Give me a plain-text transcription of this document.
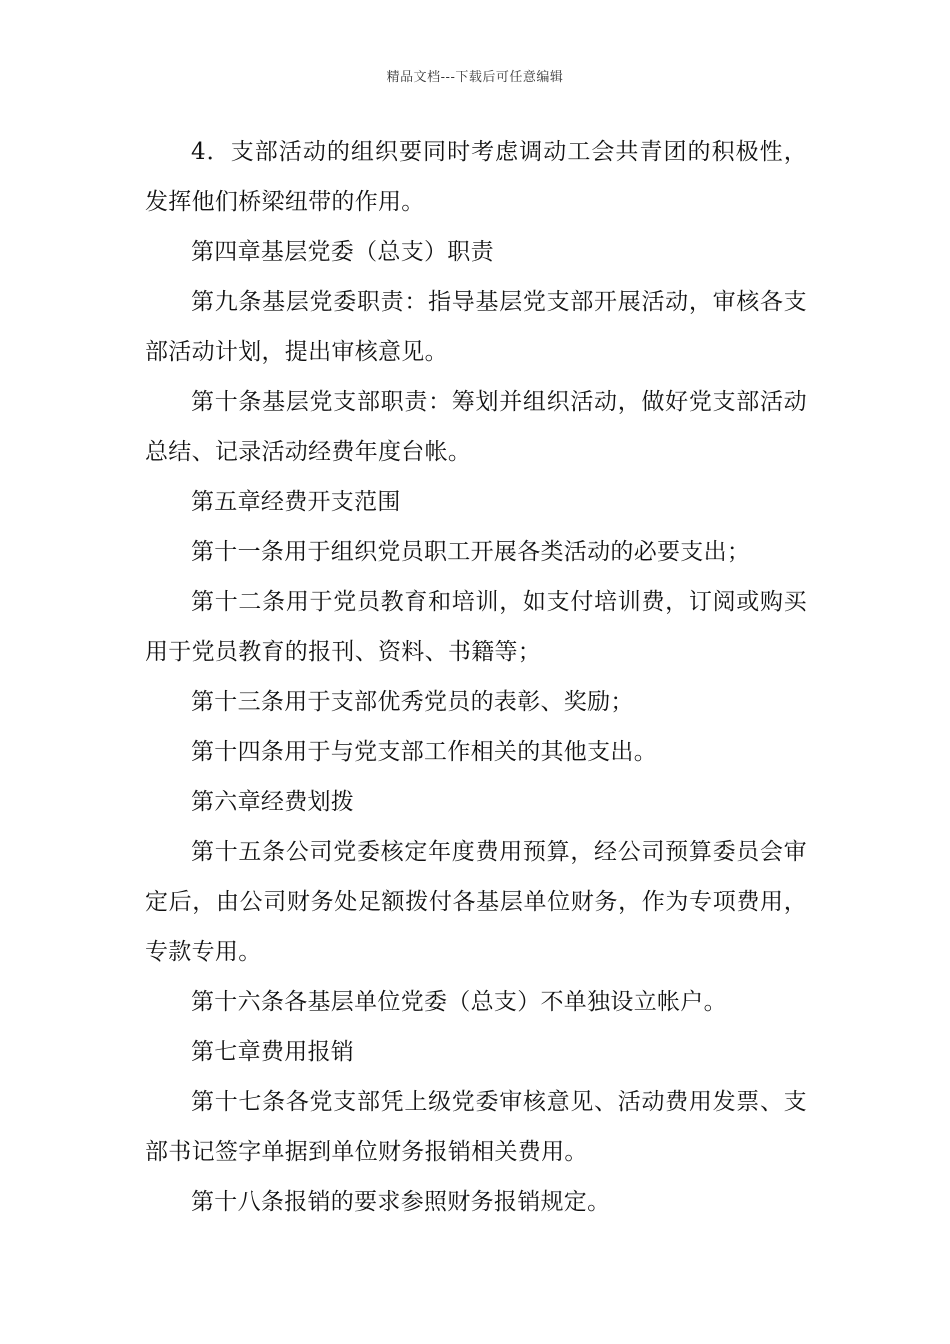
精品文档---下载后可任意编辑

4．支部活动的组织要同时考虑调动工会共青团的积极性，发挥他们桥梁纽带的作用。

第四章基层党委（总支）职责

第九条基层党委职责：指导基层党支部开展活动，审核各支部活动计划，提出审核意见。

第十条基层党支部职责：筹划并组织活动，做好党支部活动总结、记录活动经费年度台帐。

第五章经费开支范围

第十一条用于组织党员职工开展各类活动的必要支出；

第十二条用于党员教育和培训，如支付培训费，订阅或购买用于党员教育的报刊、资料、书籍等；

第十三条用于支部优秀党员的表彰、奖励；

第十四条用于与党支部工作相关的其他支出。

第六章经费划拨

第十五条公司党委核定年度费用预算，经公司预算委员会审定后，由公司财务处足额拨付各基层单位财务，作为专项费用，专款专用。

第十六条各基层单位党委（总支）不单独设立帐户。

第七章费用报销

第十七条各党支部凭上级党委审核意见、活动费用发票、支部书记签字单据到单位财务报销相关费用。

第十八条报销的要求参照财务报销规定。
